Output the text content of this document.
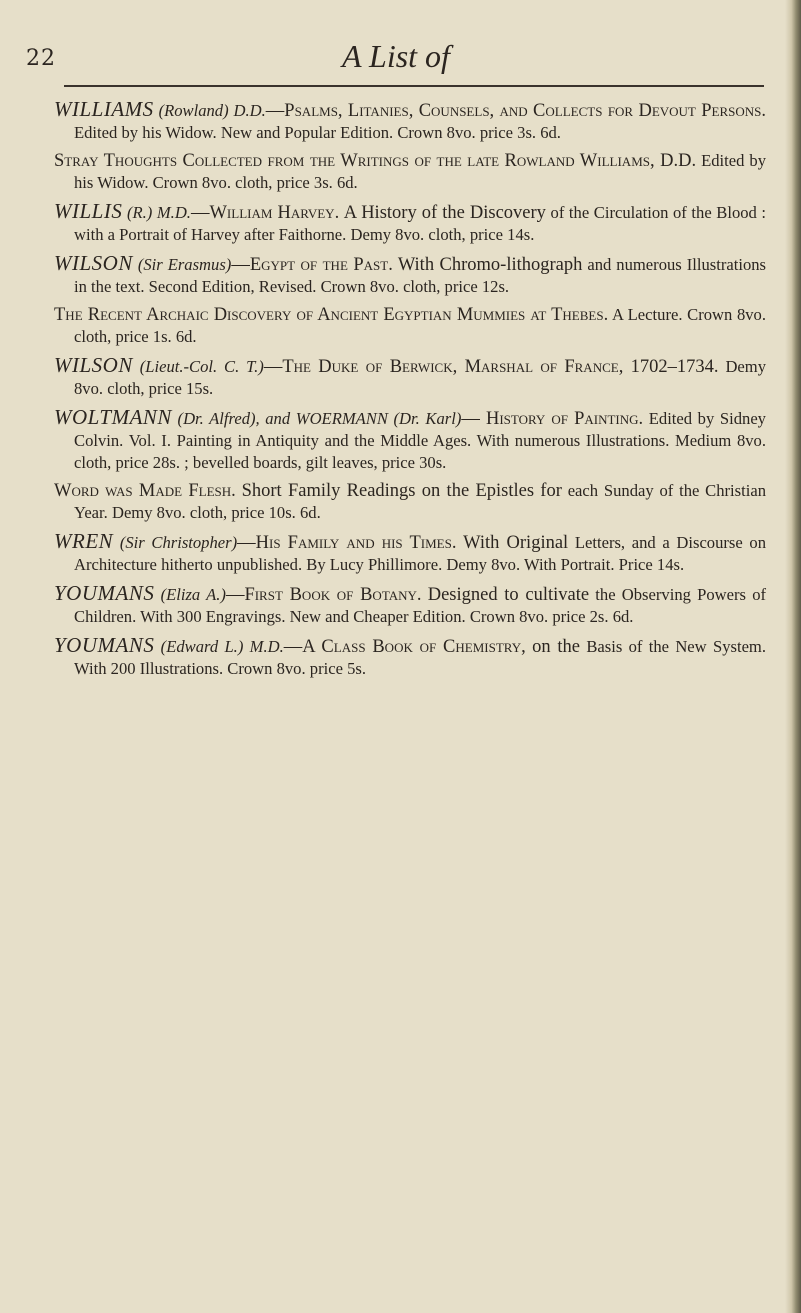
22	A List of

WILLIAMS (Rowland) D.D.—Psalms, Litanies, Counsels, and Collects for Devout Persons. Edited by his Widow. New and Popular Edition. Crown 8vo. price 3s. 6d.

Stray Thoughts Collected from the Writings of the late Rowland Williams, D.D. Edited by his Widow. Crown 8vo. cloth, price 3s. 6d.

WILLIS (R.) M.D.—William Harvey. A History of the Discovery of the Circulation of the Blood : with a Portrait of Harvey after Faithorne. Demy 8vo. cloth, price 14s.

WILSON (Sir Erasmus)—Egypt of the Past. With Chromo-lithograph and numerous Illustrations in the text. Second Edition, Revised. Crown 8vo. cloth, price 12s.

The Recent Archaic Discovery of Ancient Egyptian Mummies at Thebes. A Lecture. Crown 8vo. cloth, price 1s. 6d.

WILSON (Lieut.-Col. C. T.)—The Duke of Berwick, Marshal of France, 1702–1734. Demy 8vo. cloth, price 15s.

WOLTMANN (Dr. Alfred), and WOERMANN (Dr. Karl)— History of Painting. Edited by Sidney Colvin. Vol. I. Painting in Antiquity and the Middle Ages. With numerous Illustrations. Medium 8vo. cloth, price 28s. ; bevelled boards, gilt leaves, price 30s.

Word was Made Flesh. Short Family Readings on the Epistles for each Sunday of the Christian Year. Demy 8vo. cloth, price 10s. 6d.

WREN (Sir Christopher)—His Family and his Times. With Original Letters, and a Discourse on Architecture hitherto unpublished. By Lucy Phillimore. Demy 8vo. With Portrait. Price 14s.

YOUMANS (Eliza A.)—First Book of Botany. Designed to cultivate the Observing Powers of Children. With 300 Engravings. New and Cheaper Edition. Crown 8vo. price 2s. 6d.

YOUMANS (Edward L.) M.D.—A Class Book of Chemistry, on the Basis of the New System. With 200 Illustrations. Crown 8vo. price 5s.
